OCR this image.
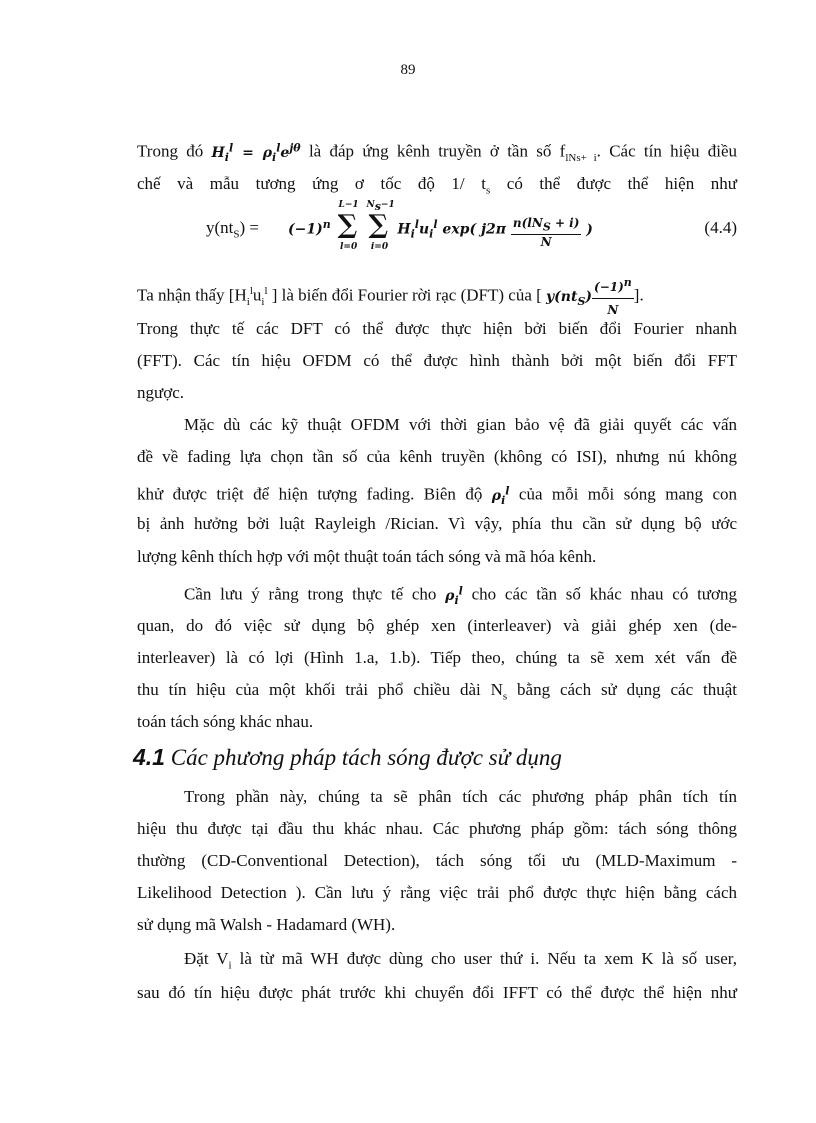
89
Trong đó $H_i^l = \rho_i^le^{j\theta}$ là đáp ứng kênh truyền ở tần số $f_{lNs+ i}$. Các tín hiệu điều
chế và mẫu tương ứng ơ tốc độ 1/ $t_s$ có thể được thể hiện như
$y(nt_S) = (-1)^n$
L−1
∑
l=0

$N_s-1$
∑
i=0
$H_i^lu_i^l$ exp( $j2\pi \frac{n(lN_S + i)}{N}$ )	(4.4)
Ta nhận thấy [$H_i^lu_i^l$ ] là biến đổi Fourier rời rạc (DFT) của [ $y(nt_S) \frac{(-1)^n}{N}$ ].
Trong thực tế các DFT có thể được thực hiện bởi biến đổi Fourier nhanh
(FFT). Các tín hiệu OFDM có thể được hình thành bởi một biến đổi FFT
ngược.
Mặc dù các kỹ thuật OFDM với thời gian bảo vệ đã giải quyết các vấn
đề về fading lựa chọn tần số của kênh truyền (không có ISI), nhưng nú không
khử được triệt để hiện tượng fading. Biên độ $\rho_i^l$ của mỗi mỗi sóng mang con
bị ảnh hưởng bởi luật Rayleigh /Rician. Vì vậy, phía thu cần sử dụng bộ ước
lượng kênh thích hợp với một thuật toán tách sóng và mã hóa kênh.
Cần lưu ý rằng trong thực tế cho $\rho_i^l$ cho các tần số khác nhau có tương
quan, do đó việc sử dụng bộ ghép xen (interleaver) và giải ghép xen (de-
interleaver) là có lợi (Hình 1.a, 1.b). Tiếp theo, chúng ta sẽ xem xét vấn đề
thu tín hiệu của một khối trải phổ chiều dài $N_s$ bằng cách sử dụng các thuật
toán tách sóng khác nhau.
4.1 Các phương pháp tách sóng được sử dụng
Trong phần này, chúng ta sẽ phân tích các phương pháp phân tích tín
hiệu thu được tại đầu thu khác nhau. Các phương pháp gồm: tách sóng thông
thường (CD-Conventional Detection), tách sóng tối ưu (MLD-Maximum -
Likelihood Detection ). Cần lưu ý rằng việc trải phổ được thực hiện bằng cách
sử dụng mã Walsh - Hadamard (WH).
Đặt $V_i$ là từ mã WH được dùng cho user thứ i. Nếu ta xem K là số user,
sau đó tín hiệu được phát trước khi chuyển đổi IFFT có thể được thể hiện như
